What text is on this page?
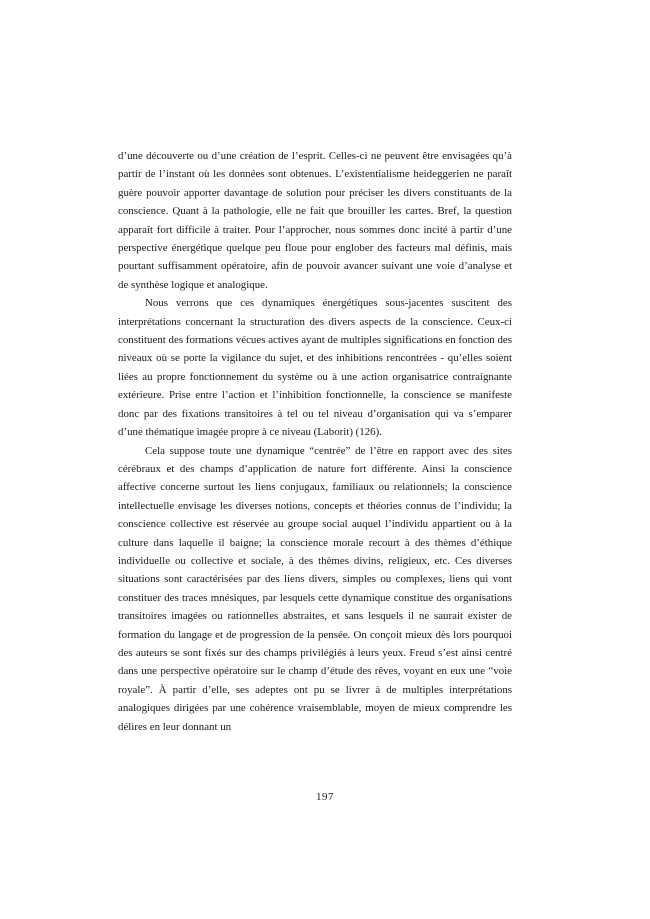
d’une découverte ou d’une création de l’esprit. Celles-ci ne peuvent être envisagées qu’à partir de l’instant où les données sont obtenues. L’existentialisme heideggerien ne paraît guère pouvoir apporter davantage de solution pour préciser les divers constituants de la conscience. Quant à la pathologie, elle ne fait que brouiller les cartes. Bref, la question apparaît fort difficile à traiter. Pour l’approcher, nous sommes donc incité à partir d’une perspective énergétique quelque peu floue pour englober des facteurs mal définis, mais pourtant suffisamment opératoire, afin de pouvoir avancer suivant une voie d’analyse et de synthèse logique et analogique.

Nous verrons que ces dynamiques énergétiques sous-jacentes suscitent des interprétations concernant la structuration des divers aspects de la conscience. Ceux-ci constituent des formations vécues actives ayant de multiples significations en fonction des niveaux où se porte la vigilance du sujet, et des inhibitions rencontrées - qu’elles soient liées au propre fonctionnement du système ou à une action organisatrice contraignante extérieure. Prise entre l’action et l’inhibition fonctionnelle, la conscience se manifeste donc par des fixations transitoires à tel ou tel niveau d’organisation qui va s’emparer d’une thématique imagée propre à ce niveau (Laborit) (126).

Cela suppose toute une dynamique “centrée” de l’être en rapport avec des sites cérébraux et des champs d’application de nature fort différente. Ainsi la conscience affective concerne surtout les liens conjugaux, familiaux ou relationnels; la conscience intellectuelle envisage les diverses notions, concepts et théories connus de l’individu; la conscience collective est réservée au groupe social auquel l’individu appartient ou à la culture dans laquelle il baigne; la conscience morale recourt à des thèmes d’éthique individuelle ou collective et sociale, à des thèmes divins, religieux, etc. Ces diverses situations sont caractérisées par des liens divers, simples ou complexes, liens qui vont constituer des traces mnésiques, par lesquels cette dynamique constitue des organisations transitoires imagées ou rationnelles abstraites, et sans lesquels il ne saurait exister de formation du langage et de progression de la pensée. On conçoit mieux dès lors pourquoi des auteurs se sont fixés sur des champs privilégiés à leurs yeux. Freud s’est ainsi centré dans une perspective opératoire sur le champ d’étude des rêves, voyant en eux une “voie royale”. À partir d’elle, ses adeptes ont pu se livrer à de multiples interprétations analogiques dirigées par une cohérence vraisemblable, moyen de mieux comprendre les délires en leur donnant un

197
